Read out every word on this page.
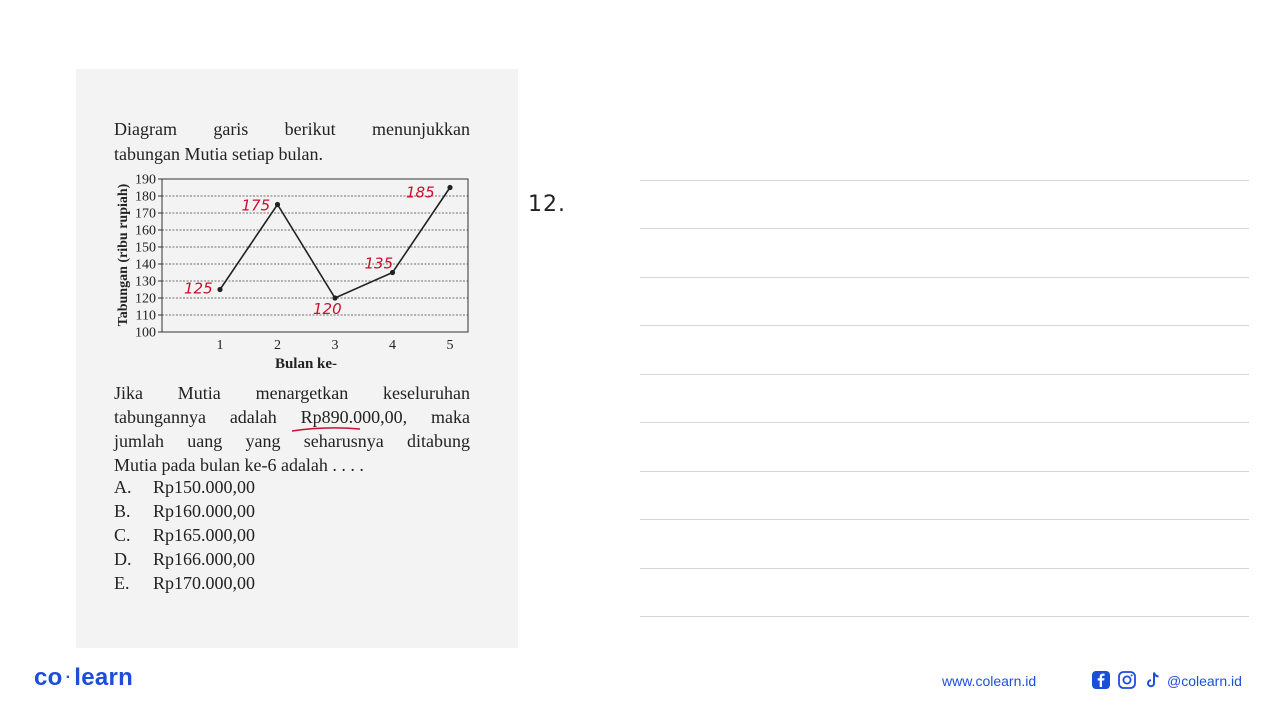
Diagram garis berikut menunjukkan
tabungan Mutia setiap bulan.
Tabungan (ribu rupiah)
100
110
120
130
140
150
160
170
180
190
1	2	3	4	5
125
175
120
135
185
Bulan ke-
Jika Mutia menargetkan keseluruhan
tabungannya adalah Rp890.000,00, maka
jumlah uang yang seharusnya ditabung
Mutia pada bulan ke-6 adalah . . . .
A. Rp150.000,00
B. Rp160.000,00
C. Rp165.000,00
D. Rp166.000,00
E. Rp170.000,00
12.
co · learn	www.colearn.id	@colearn.id
